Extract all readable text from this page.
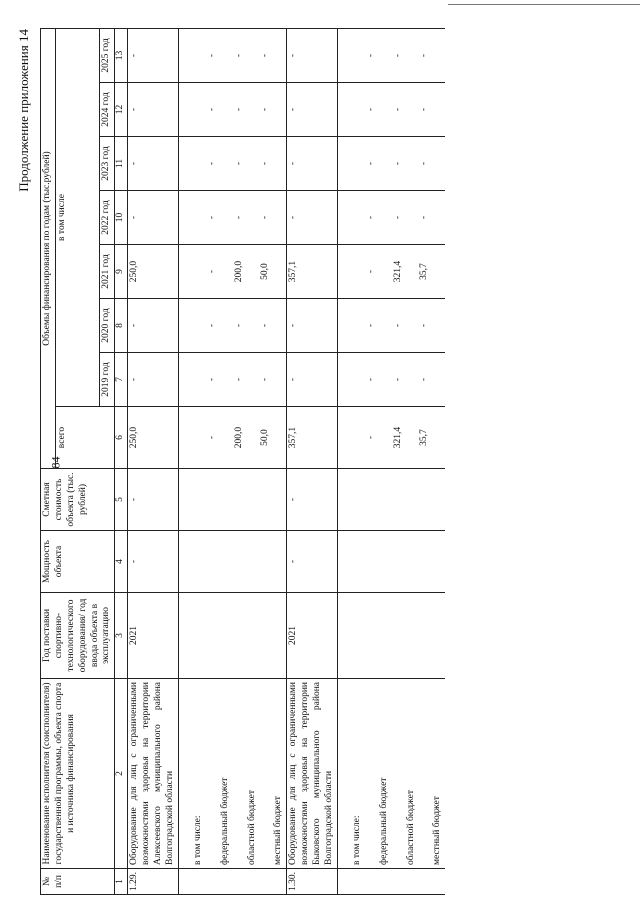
84
Продолжение приложения 14
№ п/п	Наименование исполнителя (соисполнителя) государственной программы, объекта спорта и источника финансирования	Год поставки спортивно-технологического оборудования/ год ввода объекта в эксплуатацию	Мощность объекта	Сметная стоимость объекта (тыс. рублей)	Объемы финансирования по годам (тыс.рублей)							
					всего	в том числе						
						2019 год	2020 год	2021 год	2022 год	2023 год	2024 год	2025 год
1	2	3	4	5	6	7	8	9	10	11	12	13
1.29.	Оборудование для лиц с ограниченными возможностями здоровья на территории Алексеевского муниципального района Волгоградской области	2021	-	-	250,0	-	-	250,0	-	-	-	-
	в том числе:											
	федеральный бюджет				-	-	-	-	-	-	-	-
	областной бюджет				200,0	-	-	200,0	-	-	-	-
	местный бюджет				50,0	-	-	50,0	-	-	-	-
1.30.	Оборудование для лиц с ограниченными возможностями здоровья на территории Быковского муниципального района Волгоградской области	2021	-	-	357,1	-	-	357,1	-	-	-	-
	в том числе:											
	федеральный бюджет				-	-	-	-	-	-	-	-
	областной бюджет				321,4	-	-	321,4	-	-	-	-
	местный бюджет				35,7	-	-	35,7	-	-	-	-
